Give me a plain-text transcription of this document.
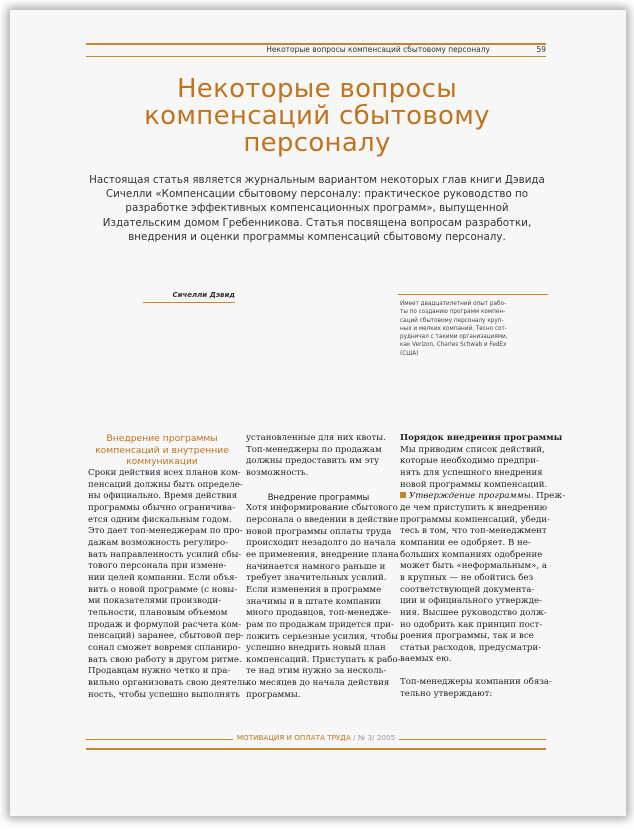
Некоторые вопросы компенсаций сбытовому персоналу	59
Некоторые вопросы
компенсаций сбытовому
персоналу
Настоящая статья является журнальным вариантом некоторых глав книги Дэвида
Сичелли «Компенсации сбытовому персоналу: практическое руководство по
разработке эффективных компенсационных программ», выпущенной
Издательским домом Гребенникова. Статья посвящена вопросам разработки,
внедрения и оценки программы компенсаций сбытовому персоналу.
Сичелли Дэвид
Имеет двадцатилетний опыт рабо-
ты по созданию программ компен-
саций сбытовому персоналу круп-
ных и мелких компаний. Тесно сот-
рудничал с такими организациями,
как Verizon, Charles Schwab и FedEx
(США)
Внедрение программы
компенсаций и внутренние
коммуникации
Сроки действия всех планов ком-
пенсаций должны быть определе-
ны официально. Время действия
программы обычно ограничива-
ется одним фискальным годом.
Это дает топ-менеджерам по про-
дажам возможность регулиро-
вать направленность усилий сбы-
тового персонала при измене-
нии целей компании. Если объя-
вить о новой программе (с новы-
ми показателями производи-
тельности, плановым объемом
продаж и формулой расчета ком-
пенсаций) заранее, сбытовой пер-
сонал сможет вовремя спланиро-
вать свою работу в другом ритме.
Продавцам нужно четко и пра-
вильно организовать свою деятель-
ность, чтобы успешно выполнять
установленные для них квоты.
Топ-менеджеры по продажам
должны предоставить им эту
возможность.
Внедрение программы
Хотя информирование сбытового
персонала о введении в действие
новой программы оплаты труда
происходит незадолго до начала
ее применения, внедрение плана
начинается намного раньше и
требует значительных усилий.
Если изменения в программе
значимы и в штате компании
много продавцов, топ-менедже-
рам по продажам придется при-
ложить серьезные усилия, чтобы
успешно внедрить новый план
компенсаций. Приступать к рабо-
те над этим нужно за несколь-
ко месяцев до начала действия
программы.
Порядок внедрения программы
Мы приводим список действий,
которые необходимо предпри-
нять для успешного внедрения
новой программы компенсаций.
Утверждение программы. Преж-
де чем приступить к внедрению
программы компенсаций, убеди-
тесь в том, что топ-менеджмент
компании ее одобряет. В не-
больших компаниях одобрение
может быть «неформальным», а
в крупных — не обойтись без
соответствующей документа-
ции и официального утвержде-
ния. Высшее руководство долж-
но одобрить как принцип пост-
роения программы, так и все
статьи расходов, предусматри-
ваемых ею.
Топ-менеджеры компании обяза-
тельно утверждают:
МОТИВАЦИЯ И ОПЛАТА ТРУДА / № 3/ 2005
